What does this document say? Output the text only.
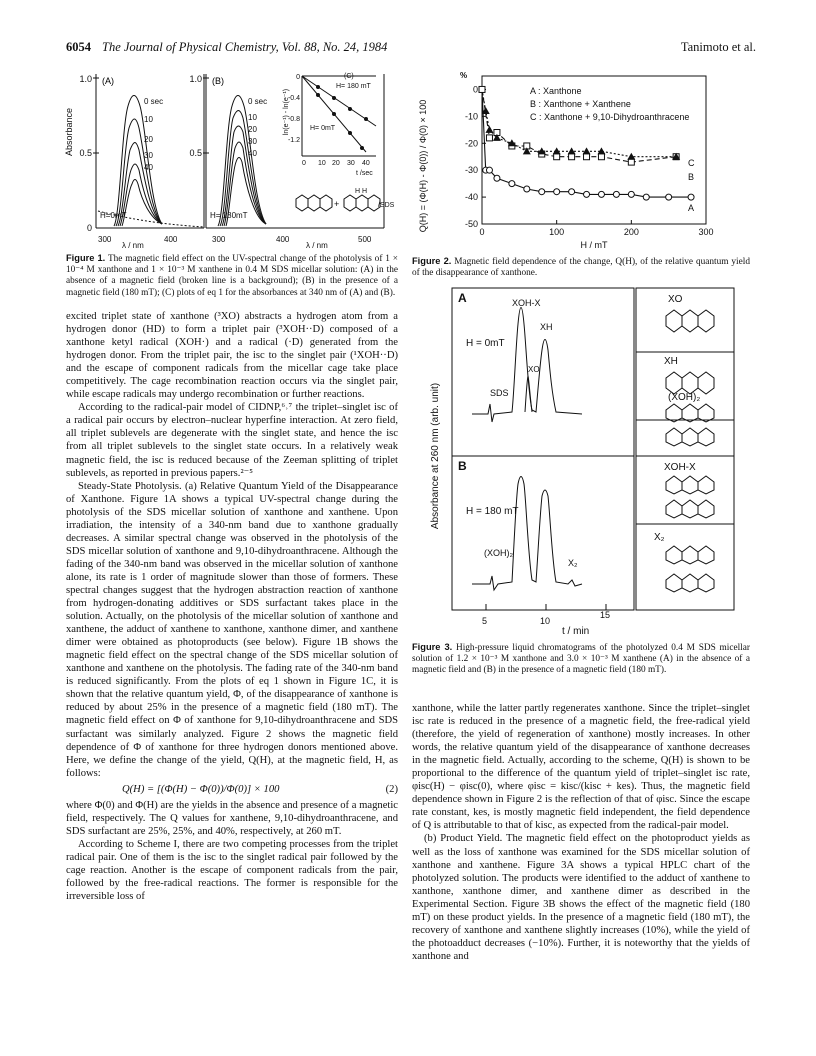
6054 The Journal of Physical Chemistry, Vol. 88, No. 24, 1984	Tanimoto et al.
Absorbance
1.0
0.5
0
(A)
0 sec
10
20
30
40
H=0mT
300	400
λ / nm
1.0
0.5
(B)
0 sec
10
20
30
40
H= 180mT
300	400	500
λ / nm
(C)
ln(e⁻¹) - ln(e⁻¹)
0
-0.4
-0.8
-1.2
0 10 20 30 40
t /sec
H= 180 mT
H= 0mT
+
H H
/SDS

Figure 1. The magnetic field effect on the UV-spectral change of the photolysis of 1 × 10⁻⁴ M xanthone and 1 × 10⁻³ M xanthene in 0.4 M SDS micellar solution: (A) in the absence of a magnetic field (broken line is a background); (B) in the presence of a magnetic field (180 mT); (C) plots of eq 1 for the absorbances at 340 nm of (A) and (B).

excited triplet state of xanthone (³XO) abstracts a hydrogen atom from a hydrogen donor (HD) to form a triplet pair (³XOH··D) composed of a xanthone ketyl radical (XOH·) and a radical (·D) generated from the hydrogen donor. From the triplet pair, the isc to the singlet pair (¹XOH··D) and the escape of component radicals from the micellar cage take place competitively. The cage recombination reaction occurs via the singlet pair, while escape radicals may undergo recombination or further reactions.

According to the radical-pair model of CIDNP,⁶˒⁷ the triplet–singlet isc of a radical pair occurs by electron–nuclear hyperfine interaction. At zero field, all triplet sublevels are degenerate with the singlet state, and hence the isc from all triplet sublevels to the singlet state occurs. In a relatively weak magnetic field, the isc is reduced because of the Zeeman splitting of triplet sublevels, as reported in previous papers.²⁻⁵

Steady-State Photolysis. (a) Relative Quantum Yield of the Disappearance of Xanthone. Figure 1A shows a typical UV-spectral change during the photolysis of the SDS micellar solution of xanthone and xanthene. Upon irradiation, the intensity of a 340-nm band due to xanthone gradually decreases. A similar spectral change was observed in the photolysis of the SDS micellar solution of xanthone and 9,10-dihydroanthracene. Although the fading of the 340-nm band was observed in the micellar solution of xanthone alone, its rate is 1 order of magnitude slower than those of formers. These spectral changes suggest that the hydrogen abstraction reaction of xanthone from hydrogen-donating additives or SDS surfactant takes place in the solution. Actually, on the photolysis of the micellar solution of xanthone and xanthene, the adduct of xanthene to xanthone, xanthone dimer, and xanthene dimer were obtained as photoproducts (see below). Figure 1B shows the magnetic field effect on the spectral change of the SDS micellar solution of xanthone and xanthene on the photolysis. The fading rate of the 340-nm band is reduced significantly. From the plots of eq 1 shown in Figure 1C, it is shown that the relative quantum yield, Φ, of the disappearance of xanthone is reduced by about 25% in the presence of a magnetic field (180 mT). The magnetic field effect on Φ of xanthone for 9,10-dihydroanthracene and SDS surfactant was similarly analyzed. Figure 2 shows the magnetic field dependence of Φ of xanthone for three hydrogen donors mentioned above. Here, we define the change of the yield, Q(H), at the magnetic field, H, as follows:

Q(H) = [(Φ(H) − Φ(0))/Φ(0)] × 100	(2)

where Φ(0) and Φ(H) are the yields in the absence and presence of a magnetic field, respectively. The Q values for xanthene, 9,10-dihydroanthracene, and SDS surfactant are 25%, 25%, and 40%, respectively, at 260 mT.

According to Scheme I, there are two competing processes from the triplet radical pair. One of them is the isc to the singlet radical pair followed by the cage reaction. Another is the escape of component radicals from the pair, followed by the free-radical reactions. The former is responsible for the irreversible loss of

%
Q(H) = (Φ(H) - Φ(0)) / Φ(0) × 100
0
-10
-20
-30
-40
-50
0	100	200	300
A : Xanthone
B : Xanthone + Xanthene
C : Xanthone + 9,10-Dihydroanthracene
A
B
C
H / mT

Figure 2. Magnetic field dependence of the change, Q(H), of the relative quantum yield of the disappearance of xanthone.

Absorbance at 260 nm (arb. unit)
A
B
H = 0mT
H = 180 mT
SDS
XOH-X
XH
XO
(XOH)₂
X₂
5	10
15
t / min
XO
XH
(XOH)₂
XOH-X
X₂

Figure 3. High-pressure liquid chromatograms of the photolyzed 0.4 M SDS micellar solution of 1.2 × 10⁻³ M xanthone and 3.0 × 10⁻³ M xanthene (A) in the absence of a magnetic field and (B) in the presence of a magnetic field (180 mT).

xanthone, while the latter partly regenerates xanthone. Since the triplet–singlet isc rate is reduced in the presence of a magnetic field, the free-radical yield (therefore, the yield of regeneration of xanthone) mostly increases. In other words, the relative quantum yield of the disappearance of xanthone decreases in the magnetic field. Actually, according to the scheme, Q(H) is shown to be proportional to the difference of the quantum yield of triplet–singlet isc rate, φisc(H) − φisc(0), where φisc = kisc/(kisc + kes). Thus, the magnetic field dependence shown in Figure 2 is the reflection of that of φisc. Since the escape rate constant, kes, is mostly magnetic field independent, the field dependence of Q is attributable to that of kisc, as expected from the radical-pair model.

(b) Product Yield. The magnetic field effect on the photoproduct yields as well as the loss of xanthone was examined for the SDS micellar solution of xanthone and xanthene. Figure 3A shows a typical HPLC chart of the photolyzed solution. The products were identified to the adduct of xanthene to xanthone, xanthone dimer, and xanthene dimer as described in the Experimental Section. Figure 3B shows the effect of the magnetic field (180 mT) on these product yields. In the presence of a magnetic field (180 mT), the recovery of xanthone and xanthene slightly increases (10%), while the yield of the photoadduct decreases (−10%). Further, it is noteworthy that the yields of xanthone and
